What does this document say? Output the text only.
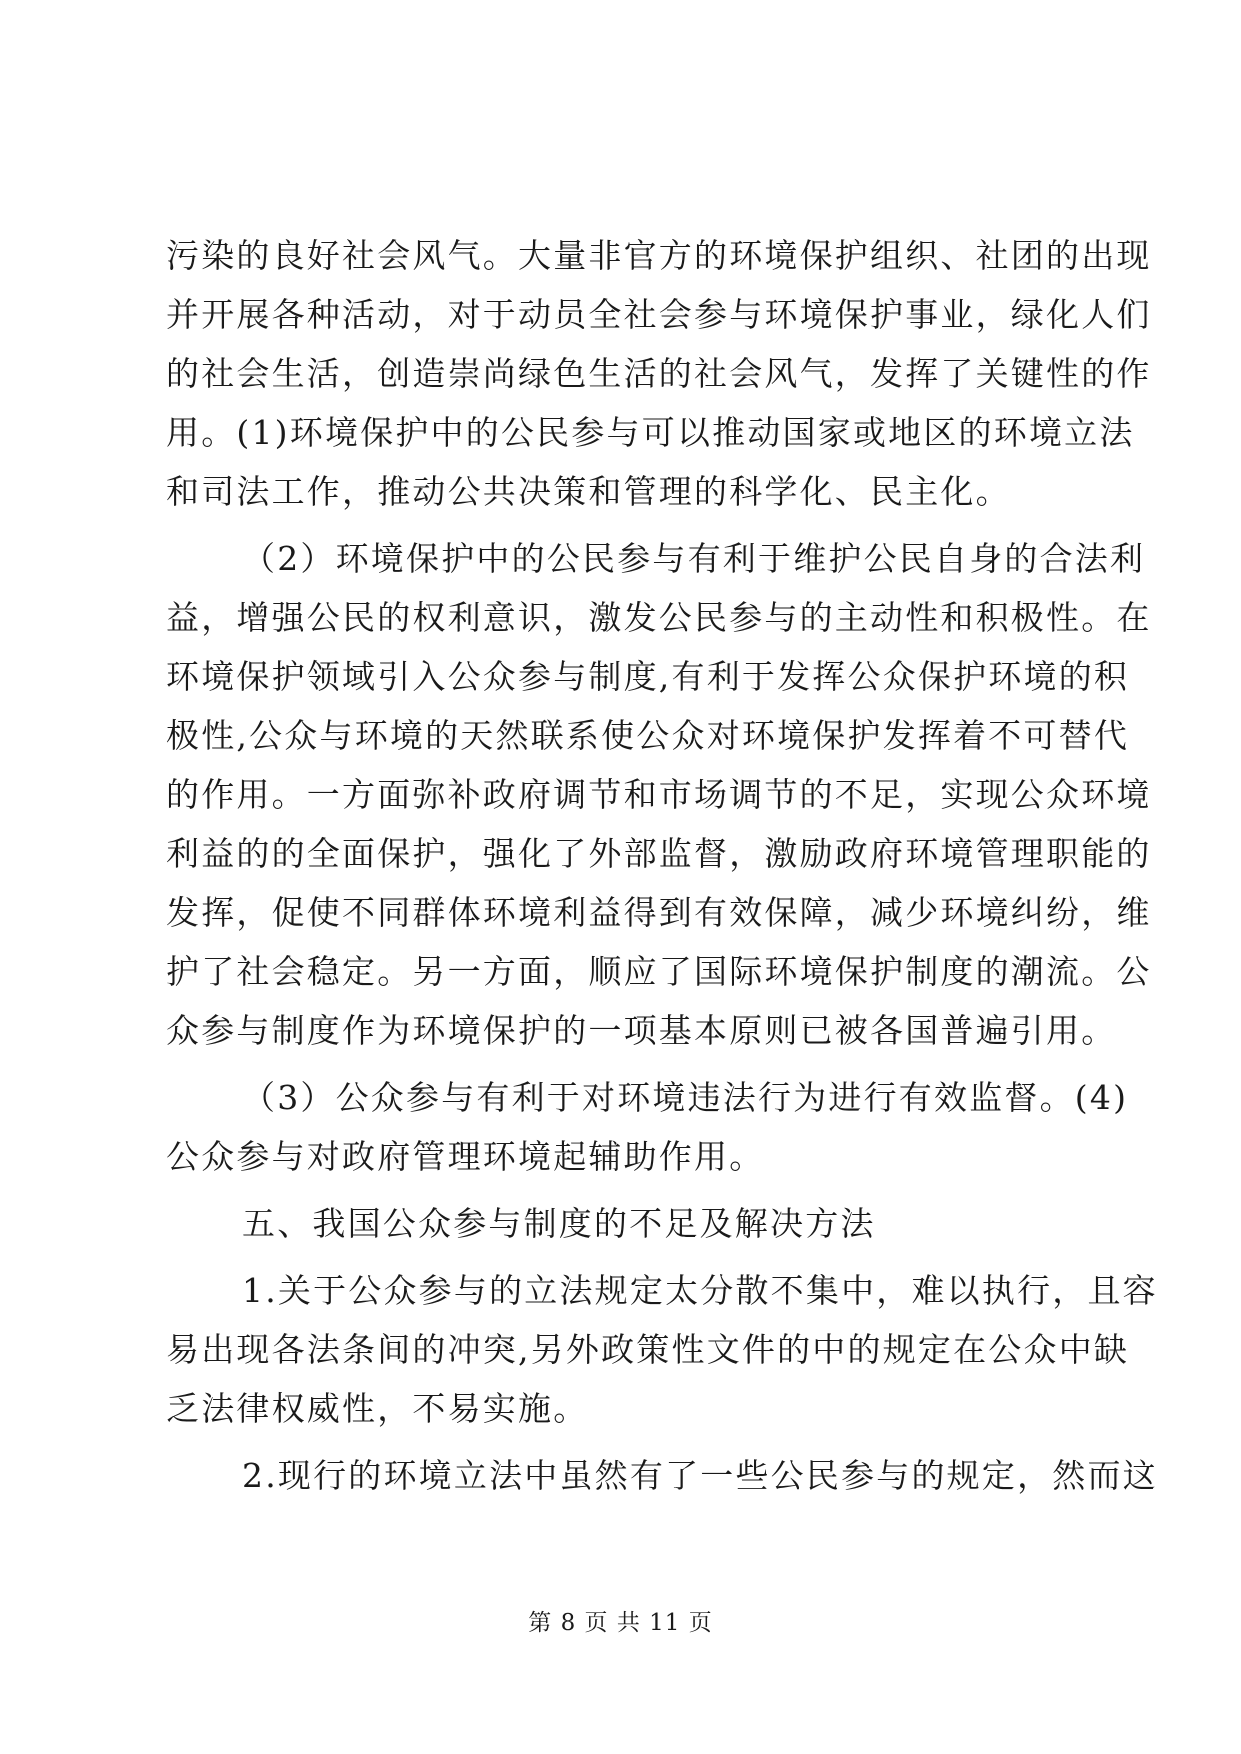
污染的良好社会风气。大量非官方的环境保护组织、社团的出现
并开展各种活动，对于动员全社会参与环境保护事业，绿化人们
的社会生活，创造崇尚绿色生活的社会风气，发挥了关键性的作
用。(1)环境保护中的公民参与可以推动国家或地区的环境立法
和司法工作，推动公共决策和管理的科学化、民主化。
（2）环境保护中的公民参与有利于维护公民自身的合法利
益，增强公民的权利意识，激发公民参与的主动性和积极性。在
环境保护领域引入公众参与制度,有利于发挥公众保护环境的积
极性,公众与环境的天然联系使公众对环境保护发挥着不可替代
的作用。一方面弥补政府调节和市场调节的不足，实现公众环境
利益的的全面保护，强化了外部监督，激励政府环境管理职能的
发挥，促使不同群体环境利益得到有效保障，减少环境纠纷，维
护了社会稳定。另一方面，顺应了国际环境保护制度的潮流。公
众参与制度作为环境保护的一项基本原则已被各国普遍引用。
（3）公众参与有利于对环境违法行为进行有效监督。(4)
公众参与对政府管理环境起辅助作用。
五、我国公众参与制度的不足及解决方法
1.关于公众参与的立法规定太分散不集中，难以执行，且容
易出现各法条间的冲突,另外政策性文件的中的规定在公众中缺
乏法律权威性，不易实施。
2.现行的环境立法中虽然有了一些公民参与的规定，然而这
第 8 页 共 11 页
